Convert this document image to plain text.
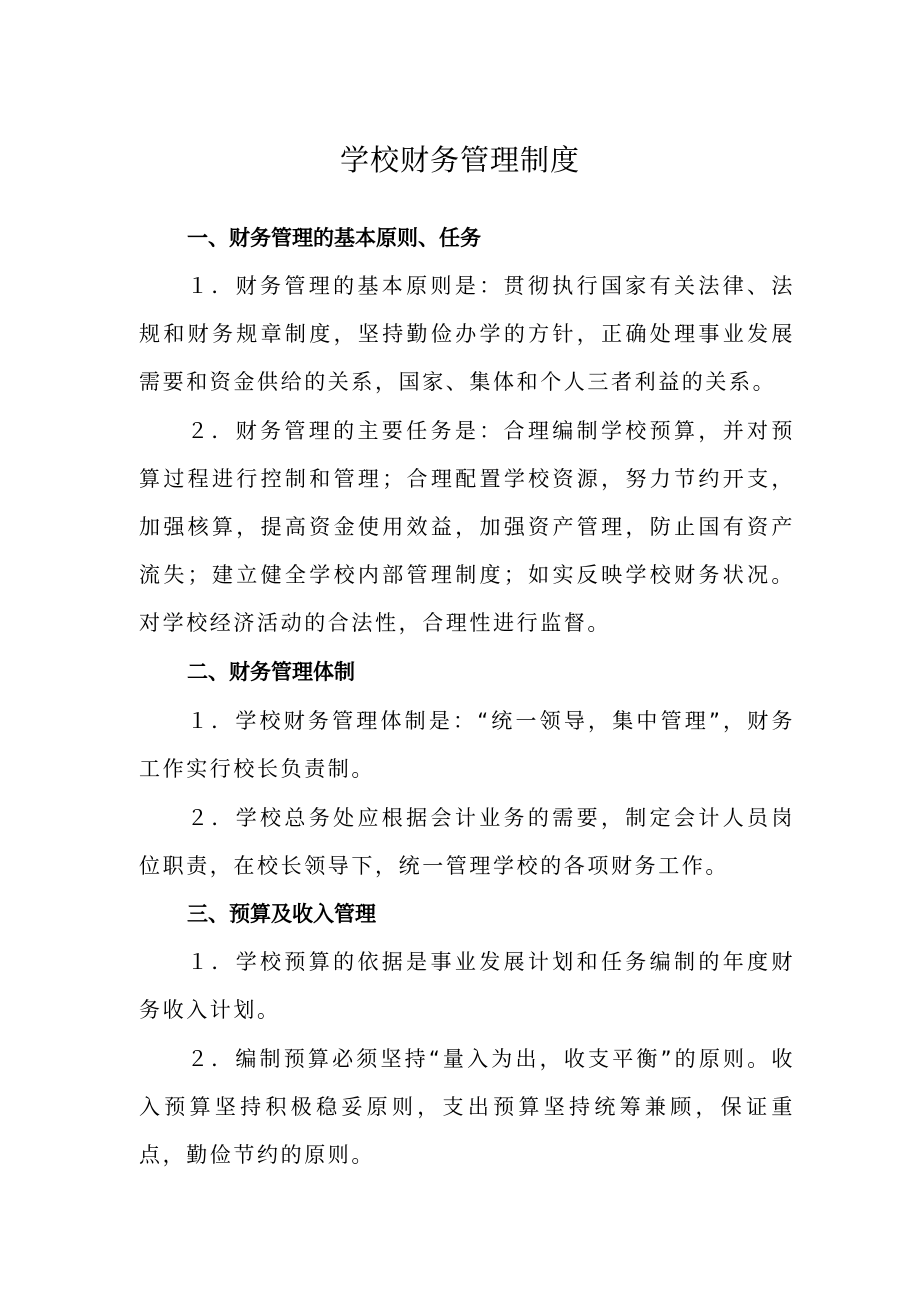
学校财务管理制度
一、财务管理的基本原则、任务

１．财务管理的基本原则是：贯彻执行国家有关法律、法规和财务规章制度，坚持勤俭办学的方针，正确处理事业发展需要和资金供给的关系，国家、集体和个人三者利益的关系。

２．财务管理的主要任务是：合理编制学校预算，并对预算过程进行控制和管理；合理配置学校资源，努力节约开支，加强核算，提高资金使用效益，加强资产管理，防止国有资产流失；建立健全学校内部管理制度；如实反映学校财务状况。对学校经济活动的合法性，合理性进行监督。

二、财务管理体制

１．学校财务管理体制是：“统一领导，集中管理”，财务工作实行校长负责制。

２．学校总务处应根据会计业务的需要，制定会计人员岗位职责，在校长领导下，统一管理学校的各项财务工作。

三、预算及收入管理

１．学校预算的依据是事业发展计划和任务编制的年度财务收入计划。

２．编制预算必须坚持“量入为出，收支平衡”的原则。收入预算坚持积极稳妥原则，支出预算坚持统筹兼顾，保证重点，勤俭节约的原则。
